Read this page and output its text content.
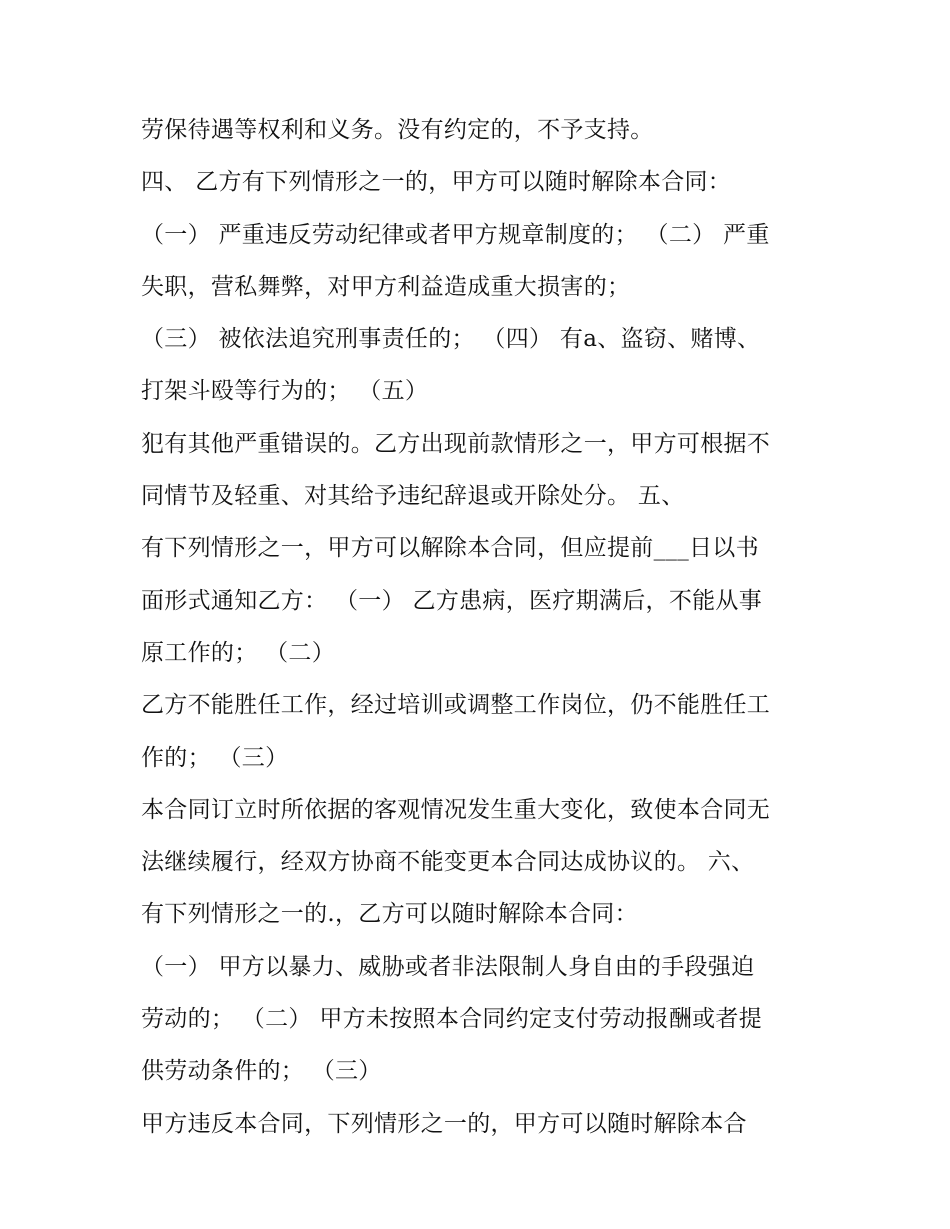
劳保待遇等权利和义务。没有约定的，不予支持。
四、 乙方有下列情形之一的，甲方可以随时解除本合同：
（一） 严重违反劳动纪律或者甲方规章制度的； （二） 严重
失职，营私舞弊，对甲方利益造成重大损害的；
（三） 被依法追究刑事责任的； （四） 有a、盗窃、赌博、
打架斗殴等行为的； （五）
犯有其他严重错误的。乙方出现前款情形之一，甲方可根据不
同情节及轻重、对其给予违纪辞退或开除处分。 五、
有下列情形之一，甲方可以解除本合同，但应提前___日以书
面形式通知乙方： （一） 乙方患病，医疗期满后，不能从事
原工作的； （二）
乙方不能胜任工作，经过培训或调整工作岗位，仍不能胜任工
作的； （三）
本合同订立时所依据的客观情况发生重大变化，致使本合同无
法继续履行，经双方协商不能变更本合同达成协议的。 六、
有下列情形之一的.，乙方可以随时解除本合同：
（一） 甲方以暴力、威胁或者非法限制人身自由的手段强迫
劳动的； （二） 甲方未按照本合同约定支付劳动报酬或者提
供劳动条件的； （三）
甲方违反本合同，下列情形之一的，甲方可以随时解除本合
